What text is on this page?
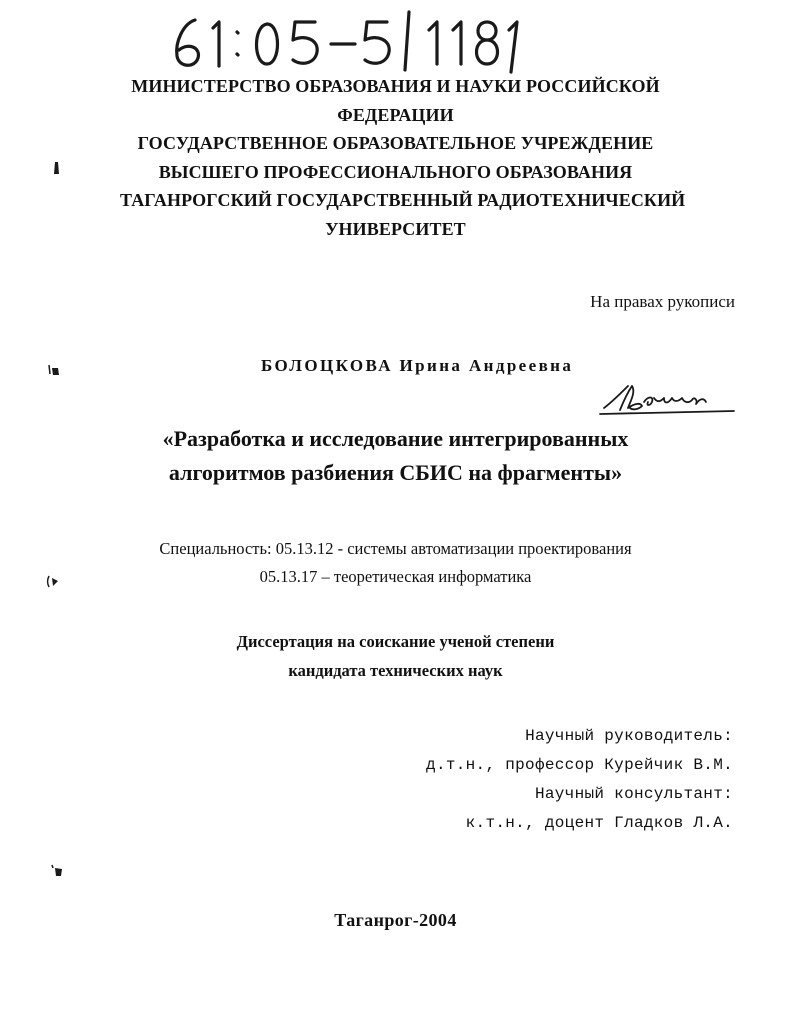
МИНИСТЕРСТВО ОБРАЗОВАНИЯ И НАУКИ РОССИЙСКОЙ
ФЕДЕРАЦИИ
ГОСУДАРСТВЕННОЕ ОБРАЗОВАТЕЛЬНОЕ УЧРЕЖДЕНИЕ
ВЫСШЕГО ПРОФЕССИОНАЛЬНОГО ОБРАЗОВАНИЯ
ТАГАНРОГСКИЙ ГОСУДАРСТВЕННЫЙ РАДИОТЕХНИЧЕСКИЙ
УНИВЕРСИТЕТ
На правах рукописи
БОЛОЦКОВА Ирина Андреевна
«Разработка и исследование интегрированных
алгоритмов разбиения СБИС на фрагменты»
Специальность: 05.13.12 - системы автоматизации проектирования
05.13.17 – теоретическая информатика
Диссертация на соискание ученой степени
кандидата технических наук
Научный руководитель:
д.т.н., профессор Курейчик В.М.
Научный консультант:
к.т.н., доцент Гладков Л.А.
Таганрог-2004
